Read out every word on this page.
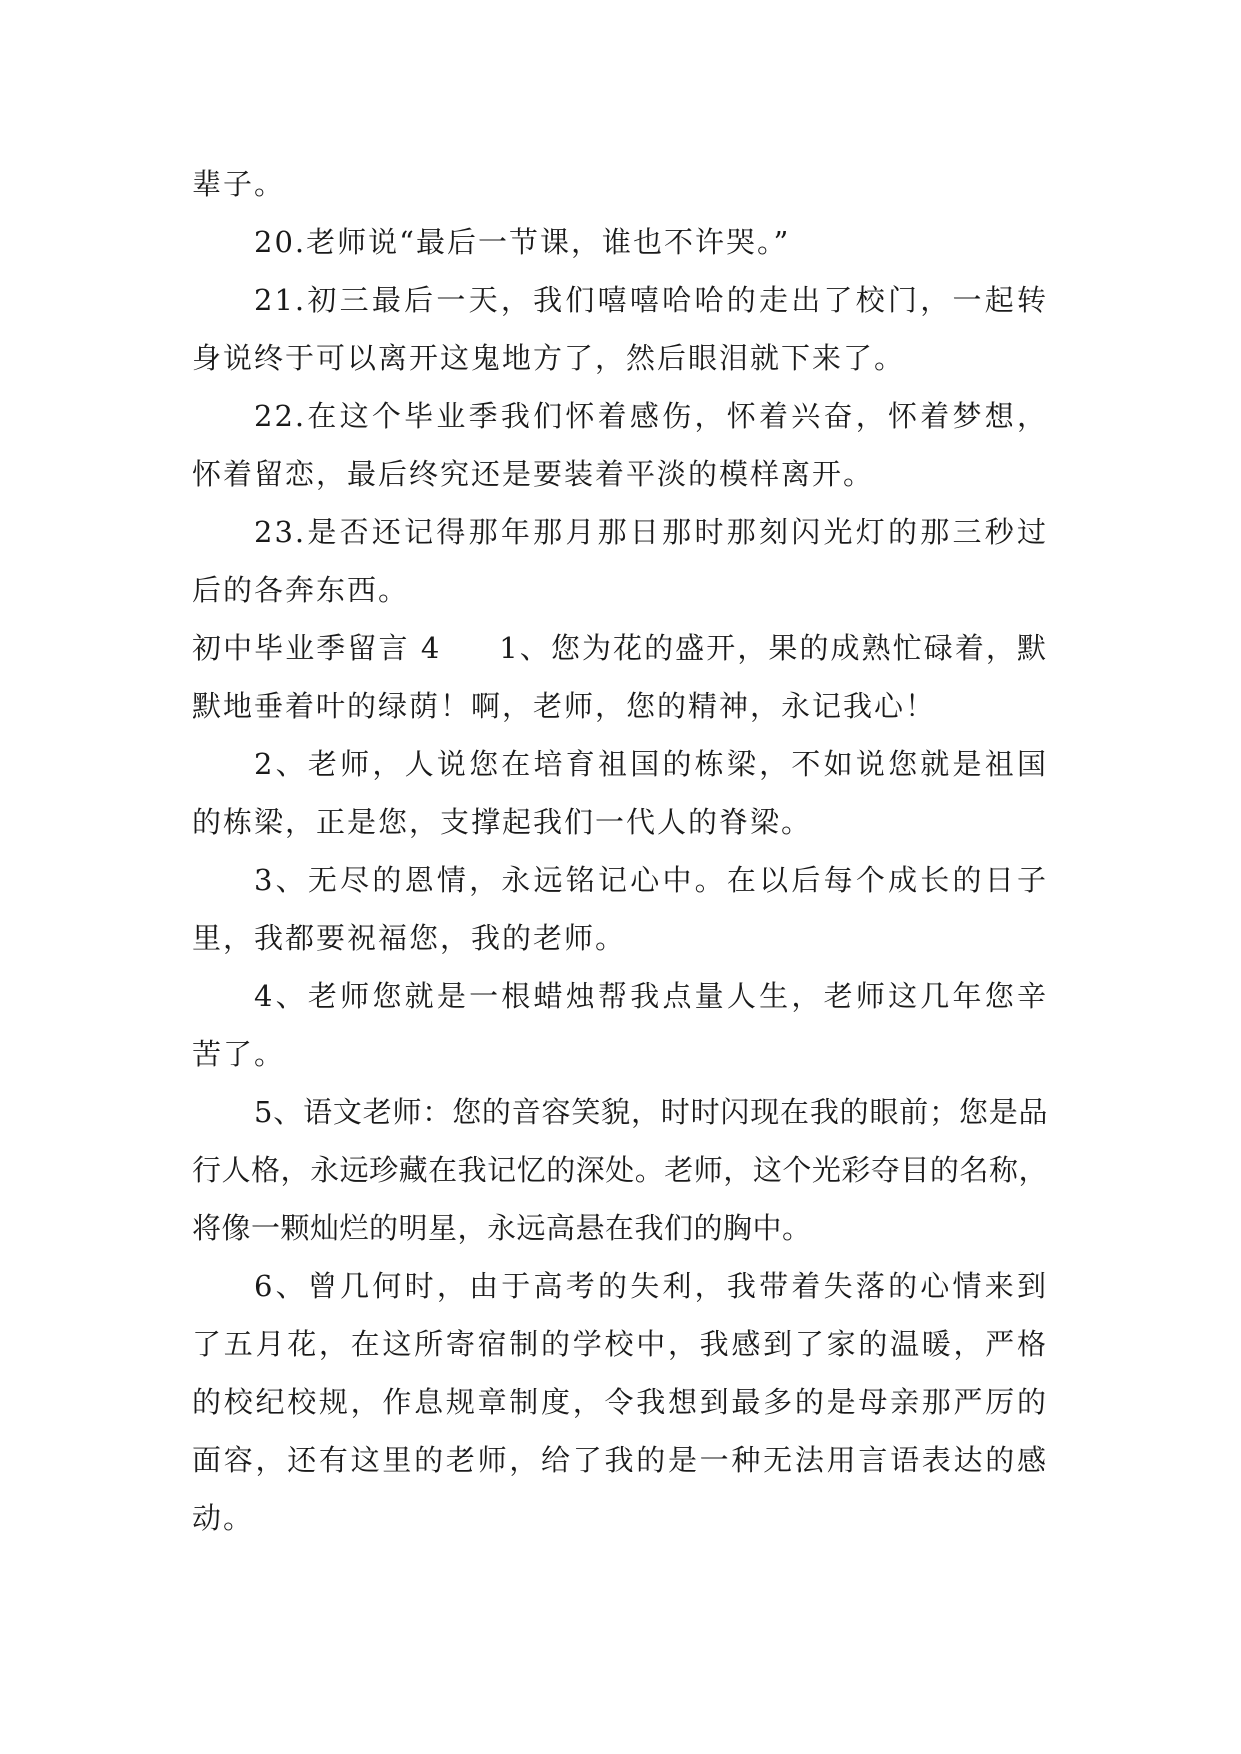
辈子。

20.老师说“最后一节课，谁也不许哭。”

21.初三最后一天，我们嘻嘻哈哈的走出了校门，一起转身说终于可以离开这鬼地方了，然后眼泪就下来了。

22.在这个毕业季我们怀着感伤，怀着兴奋，怀着梦想，怀着留恋，最后终究还是要装着平淡的模样离开。

23.是否还记得那年那月那日那时那刻闪光灯的那三秒过后的各奔东西。

初中毕业季留言 4 1、您为花的盛开，果的成熟忙碌着，默默地垂着叶的绿荫！啊，老师，您的精神，永记我心！

2、老师，人说您在培育祖国的栋梁，不如说您就是祖国的栋梁，正是您，支撑起我们一代人的脊梁。

3、无尽的恩情，永远铭记心中。在以后每个成长的日子里，我都要祝福您，我的老师。

4、老师您就是一根蜡烛帮我点量人生，老师这几年您辛苦了。

5、语文老师：您的音容笑貌，时时闪现在我的眼前；您是品行人格，永远珍藏在我记忆的深处。老师，这个光彩夺目的名称，将像一颗灿烂的明星，永远高悬在我们的胸中。

6、曾几何时，由于高考的失利，我带着失落的心情来到了五月花，在这所寄宿制的学校中，我感到了家的温暖，严格的校纪校规，作息规章制度，令我想到最多的是母亲那严厉的面容，还有这里的老师，给了我的是一种无法用言语表达的感动。
